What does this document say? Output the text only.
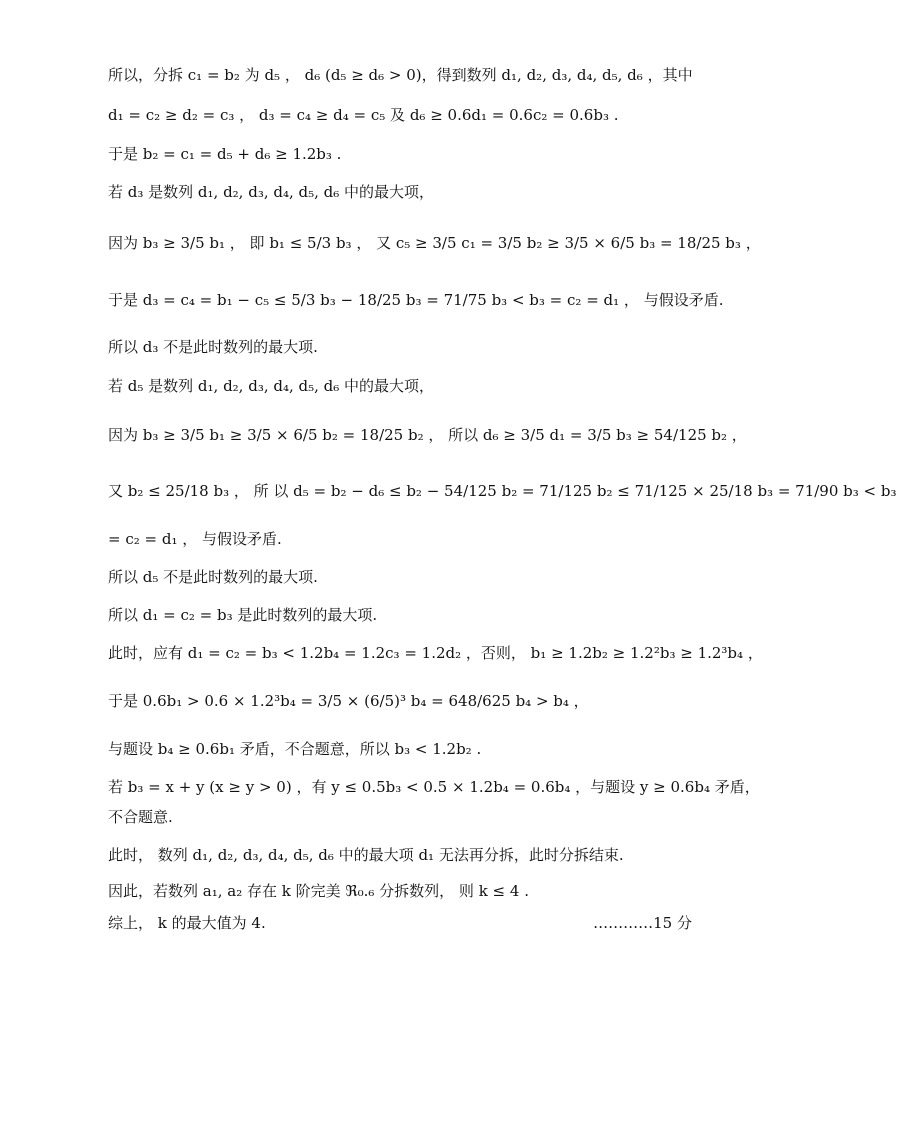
所以，分拆 c₁ = b₂ 为 d₅ ， d₆ (d₅ ≥ d₆ > 0)，得到数列 d₁, d₂, d₃, d₄, d₅, d₆ ，其中
d₁ = c₂ ≥ d₂ = c₃ ， d₃ = c₄ ≥ d₄ = c₅ 及 d₆ ≥ 0.6d₁ = 0.6c₂ = 0.6b₃ .
于是 b₂ = c₁ = d₅ + d₆ ≥ 1.2b₃ .
若 d₃ 是数列 d₁, d₂, d₃, d₄, d₅, d₆ 中的最大项，
因为 b₃ ≥ 3/5 b₁ ， 即 b₁ ≤ 5/3 b₃ ， 又 c₅ ≥ 3/5 c₁ = 3/5 b₂ ≥ 3/5 × 6/5 b₃ = 18/25 b₃ ，
于是 d₃ = c₄ = b₁ − c₅ ≤ 5/3 b₃ − 18/25 b₃ = 71/75 b₃ < b₃ = c₂ = d₁ ， 与假设矛盾.
所以 d₃ 不是此时数列的最大项.
若 d₅ 是数列 d₁, d₂, d₃, d₄, d₅, d₆ 中的最大项，
因为 b₃ ≥ 3/5 b₁ ≥ 3/5 × 6/5 b₂ = 18/25 b₂ ， 所以 d₆ ≥ 3/5 d₁ = 3/5 b₃ ≥ 54/125 b₂ ，
又 b₂ ≤ 25/18 b₃ ， 所 以 d₅ = b₂ − d₆ ≤ b₂ − 54/125 b₂ = 71/125 b₂ ≤ 71/125 × 25/18 b₃ = 71/90 b₃ < b₃
= c₂ = d₁ ， 与假设矛盾.
所以 d₅ 不是此时数列的最大项.
所以 d₁ = c₂ = b₃ 是此时数列的最大项.
此时，应有 d₁ = c₂ = b₃ < 1.2b₄ = 1.2c₃ = 1.2d₂ ，否则， b₁ ≥ 1.2b₂ ≥ 1.2²b₃ ≥ 1.2³b₄ ，
于是 0.6b₁ > 0.6 × 1.2³b₄ = 3/5 × (6/5)³ b₄ = 648/625 b₄ > b₄ ，
与题设 b₄ ≥ 0.6b₁ 矛盾，不合题意，所以 b₃ < 1.2b₂ .
若 b₃ = x + y (x ≥ y > 0) ，有 y ≤ 0.5b₃ < 0.5 × 1.2b₄ = 0.6b₄ ，与题设 y ≥ 0.6b₄ 矛盾，
不合题意.
此时， 数列 d₁, d₂, d₃, d₄, d₅, d₆ 中的最大项 d₁ 无法再分拆，此时分拆结束.
因此，若数列 a₁, a₂ 存在 k 阶完美 ℜ₀.₆ 分拆数列， 则 k ≤ 4 .
综上， k 的最大值为 4.	…………15 分
